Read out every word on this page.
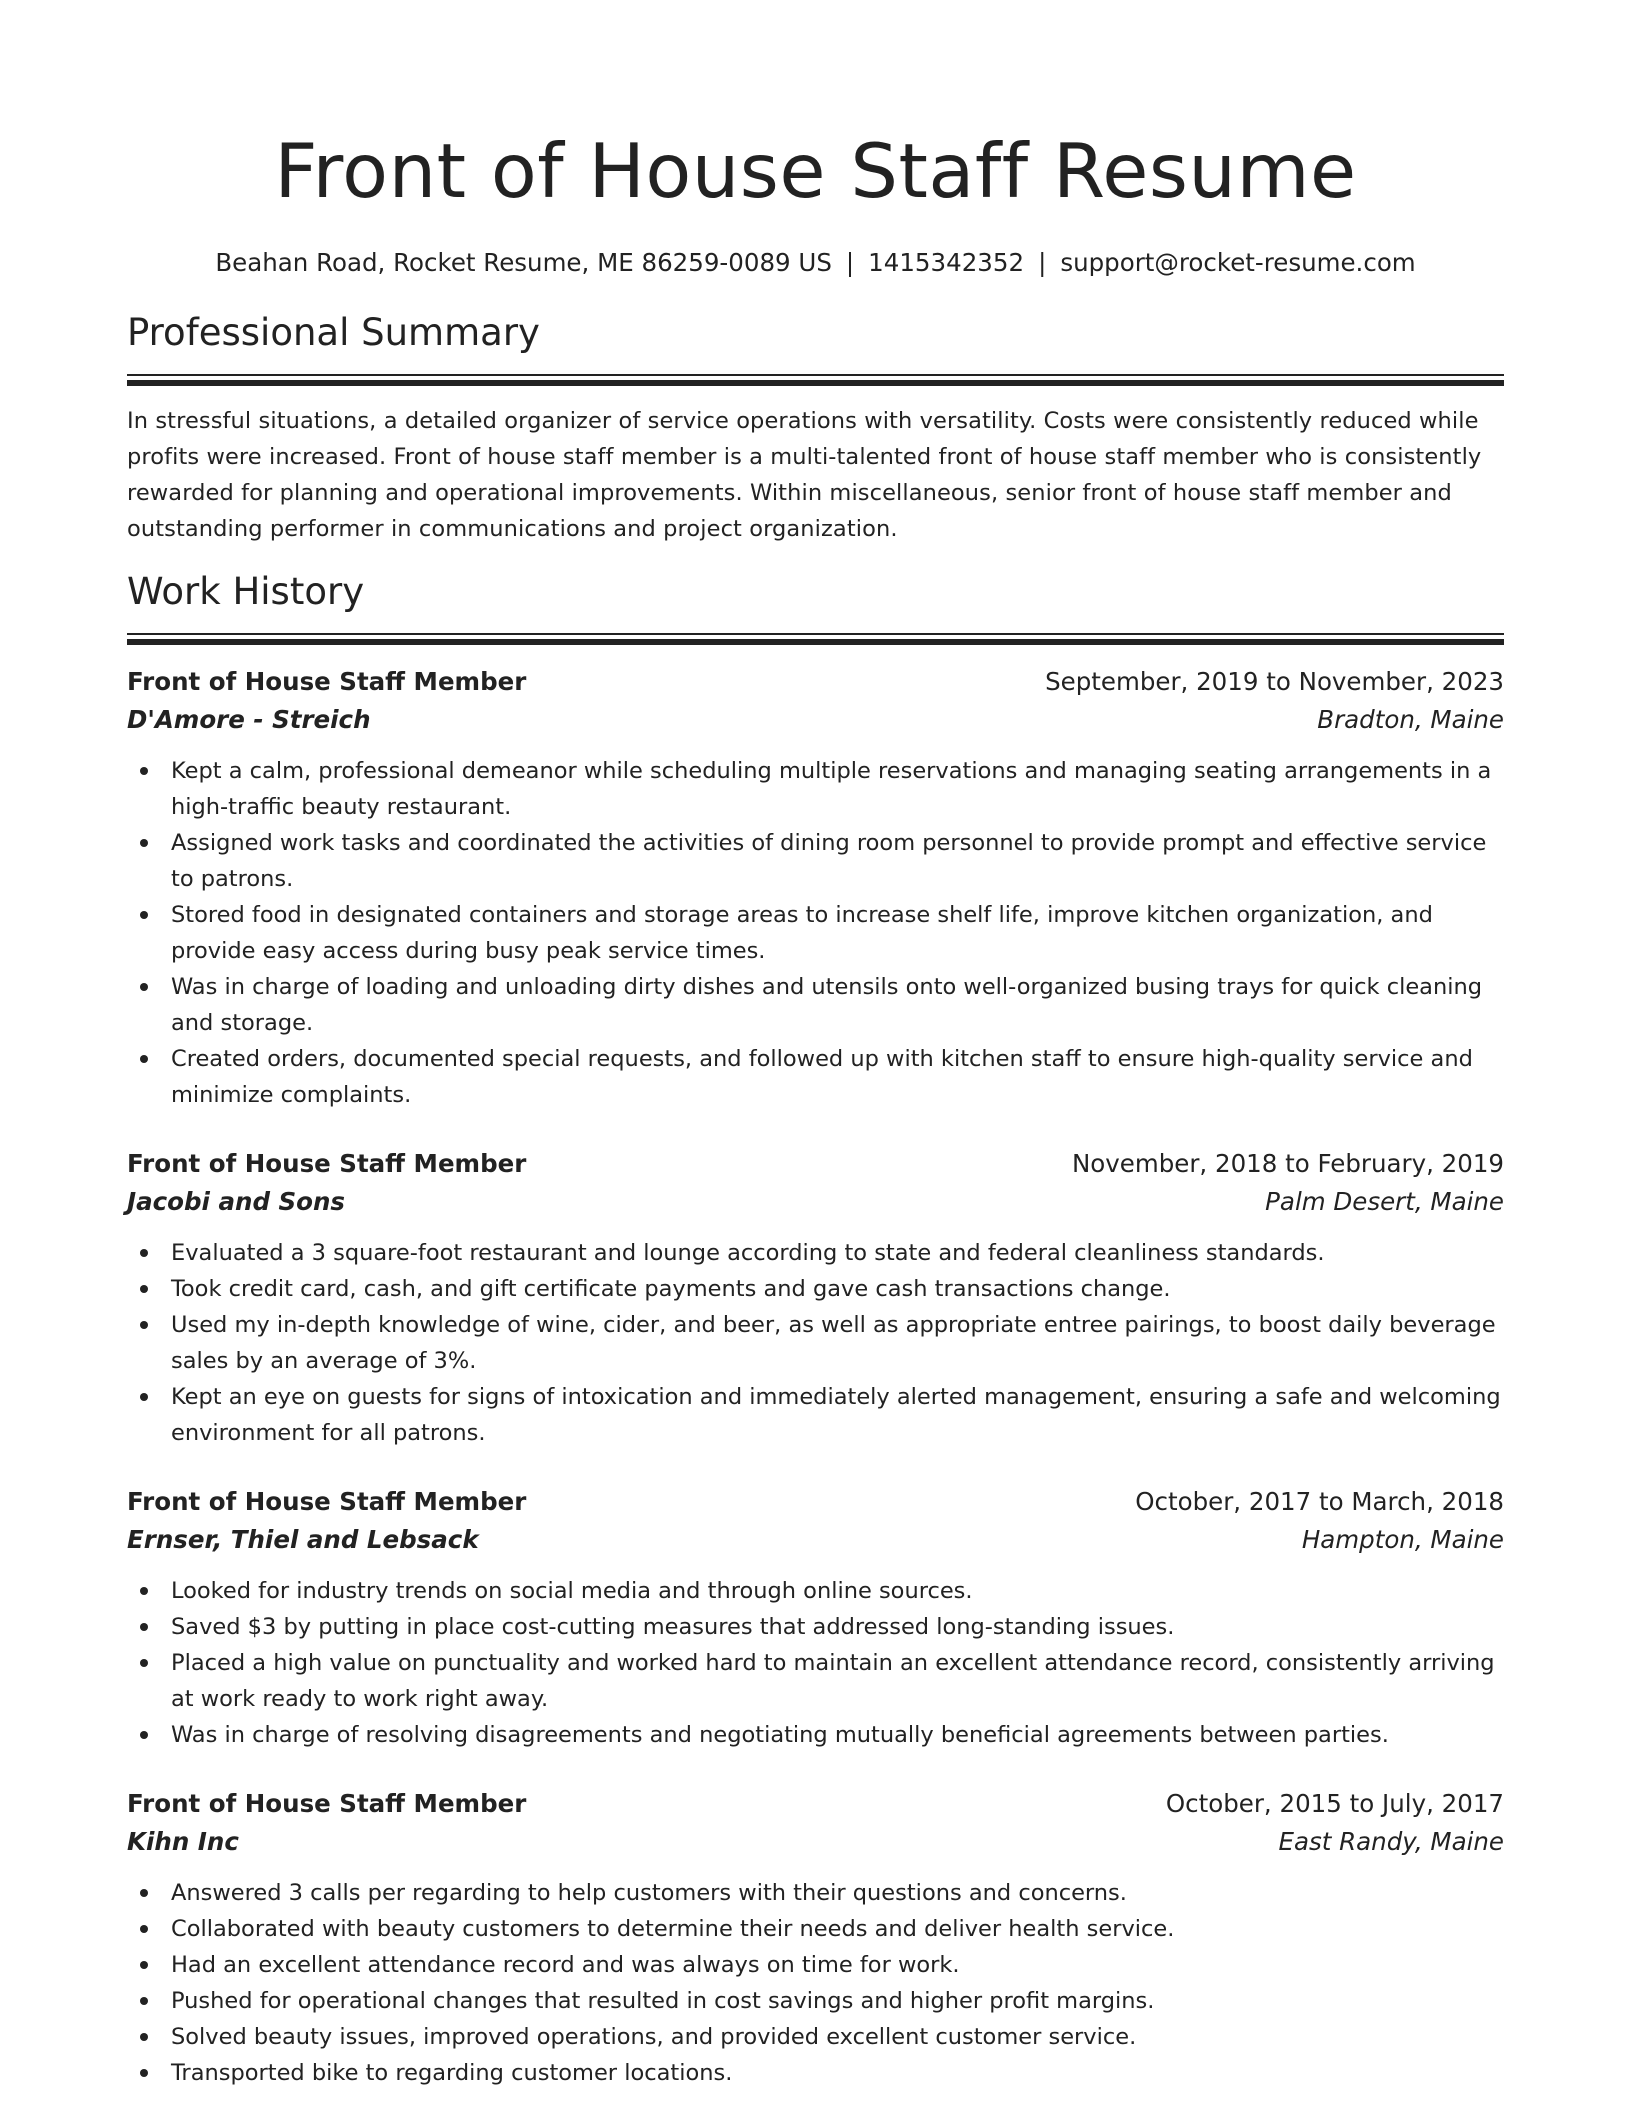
Front of House Staff Resume
Beahan Road, Rocket Resume, ME 86259-0089 US | 1415342352 | support@rocket-resume.com
Professional Summary
In stressful situations, a detailed organizer of service operations with versatility. Costs were consistently reduced while profits were increased. Front of house staff member is a multi-talented front of house staff member who is consistently rewarded for planning and operational improvements. Within miscellaneous, senior front of house staff member and outstanding performer in communications and project organization.
Work History
Front of House Staff Member	September, 2019 to November, 2023
D'Amore - Streich	Bradton, Maine
Kept a calm, professional demeanor while scheduling multiple reservations and managing seating arrangements in a high-traffic beauty restaurant.
Assigned work tasks and coordinated the activities of dining room personnel to provide prompt and effective service to patrons.
Stored food in designated containers and storage areas to increase shelf life, improve kitchen organization, and provide easy access during busy peak service times.
Was in charge of loading and unloading dirty dishes and utensils onto well-organized busing trays for quick cleaning and storage.
Created orders, documented special requests, and followed up with kitchen staff to ensure high-quality service and minimize complaints.
Front of House Staff Member	November, 2018 to February, 2019
Jacobi and Sons	Palm Desert, Maine
Evaluated a 3 square-foot restaurant and lounge according to state and federal cleanliness standards.
Took credit card, cash, and gift certificate payments and gave cash transactions change.
Used my in-depth knowledge of wine, cider, and beer, as well as appropriate entree pairings, to boost daily beverage sales by an average of 3%.
Kept an eye on guests for signs of intoxication and immediately alerted management, ensuring a safe and welcoming environment for all patrons.
Front of House Staff Member	October, 2017 to March, 2018
Ernser, Thiel and Lebsack	Hampton, Maine
Looked for industry trends on social media and through online sources.
Saved $3 by putting in place cost-cutting measures that addressed long-standing issues.
Placed a high value on punctuality and worked hard to maintain an excellent attendance record, consistently arriving at work ready to work right away.
Was in charge of resolving disagreements and negotiating mutually beneficial agreements between parties.
Front of House Staff Member	October, 2015 to July, 2017
Kihn Inc	East Randy, Maine
Answered 3 calls per regarding to help customers with their questions and concerns.
Collaborated with beauty customers to determine their needs and deliver health service.
Had an excellent attendance record and was always on time for work.
Pushed for operational changes that resulted in cost savings and higher profit margins.
Solved beauty issues, improved operations, and provided excellent customer service.
Transported bike to regarding customer locations.
